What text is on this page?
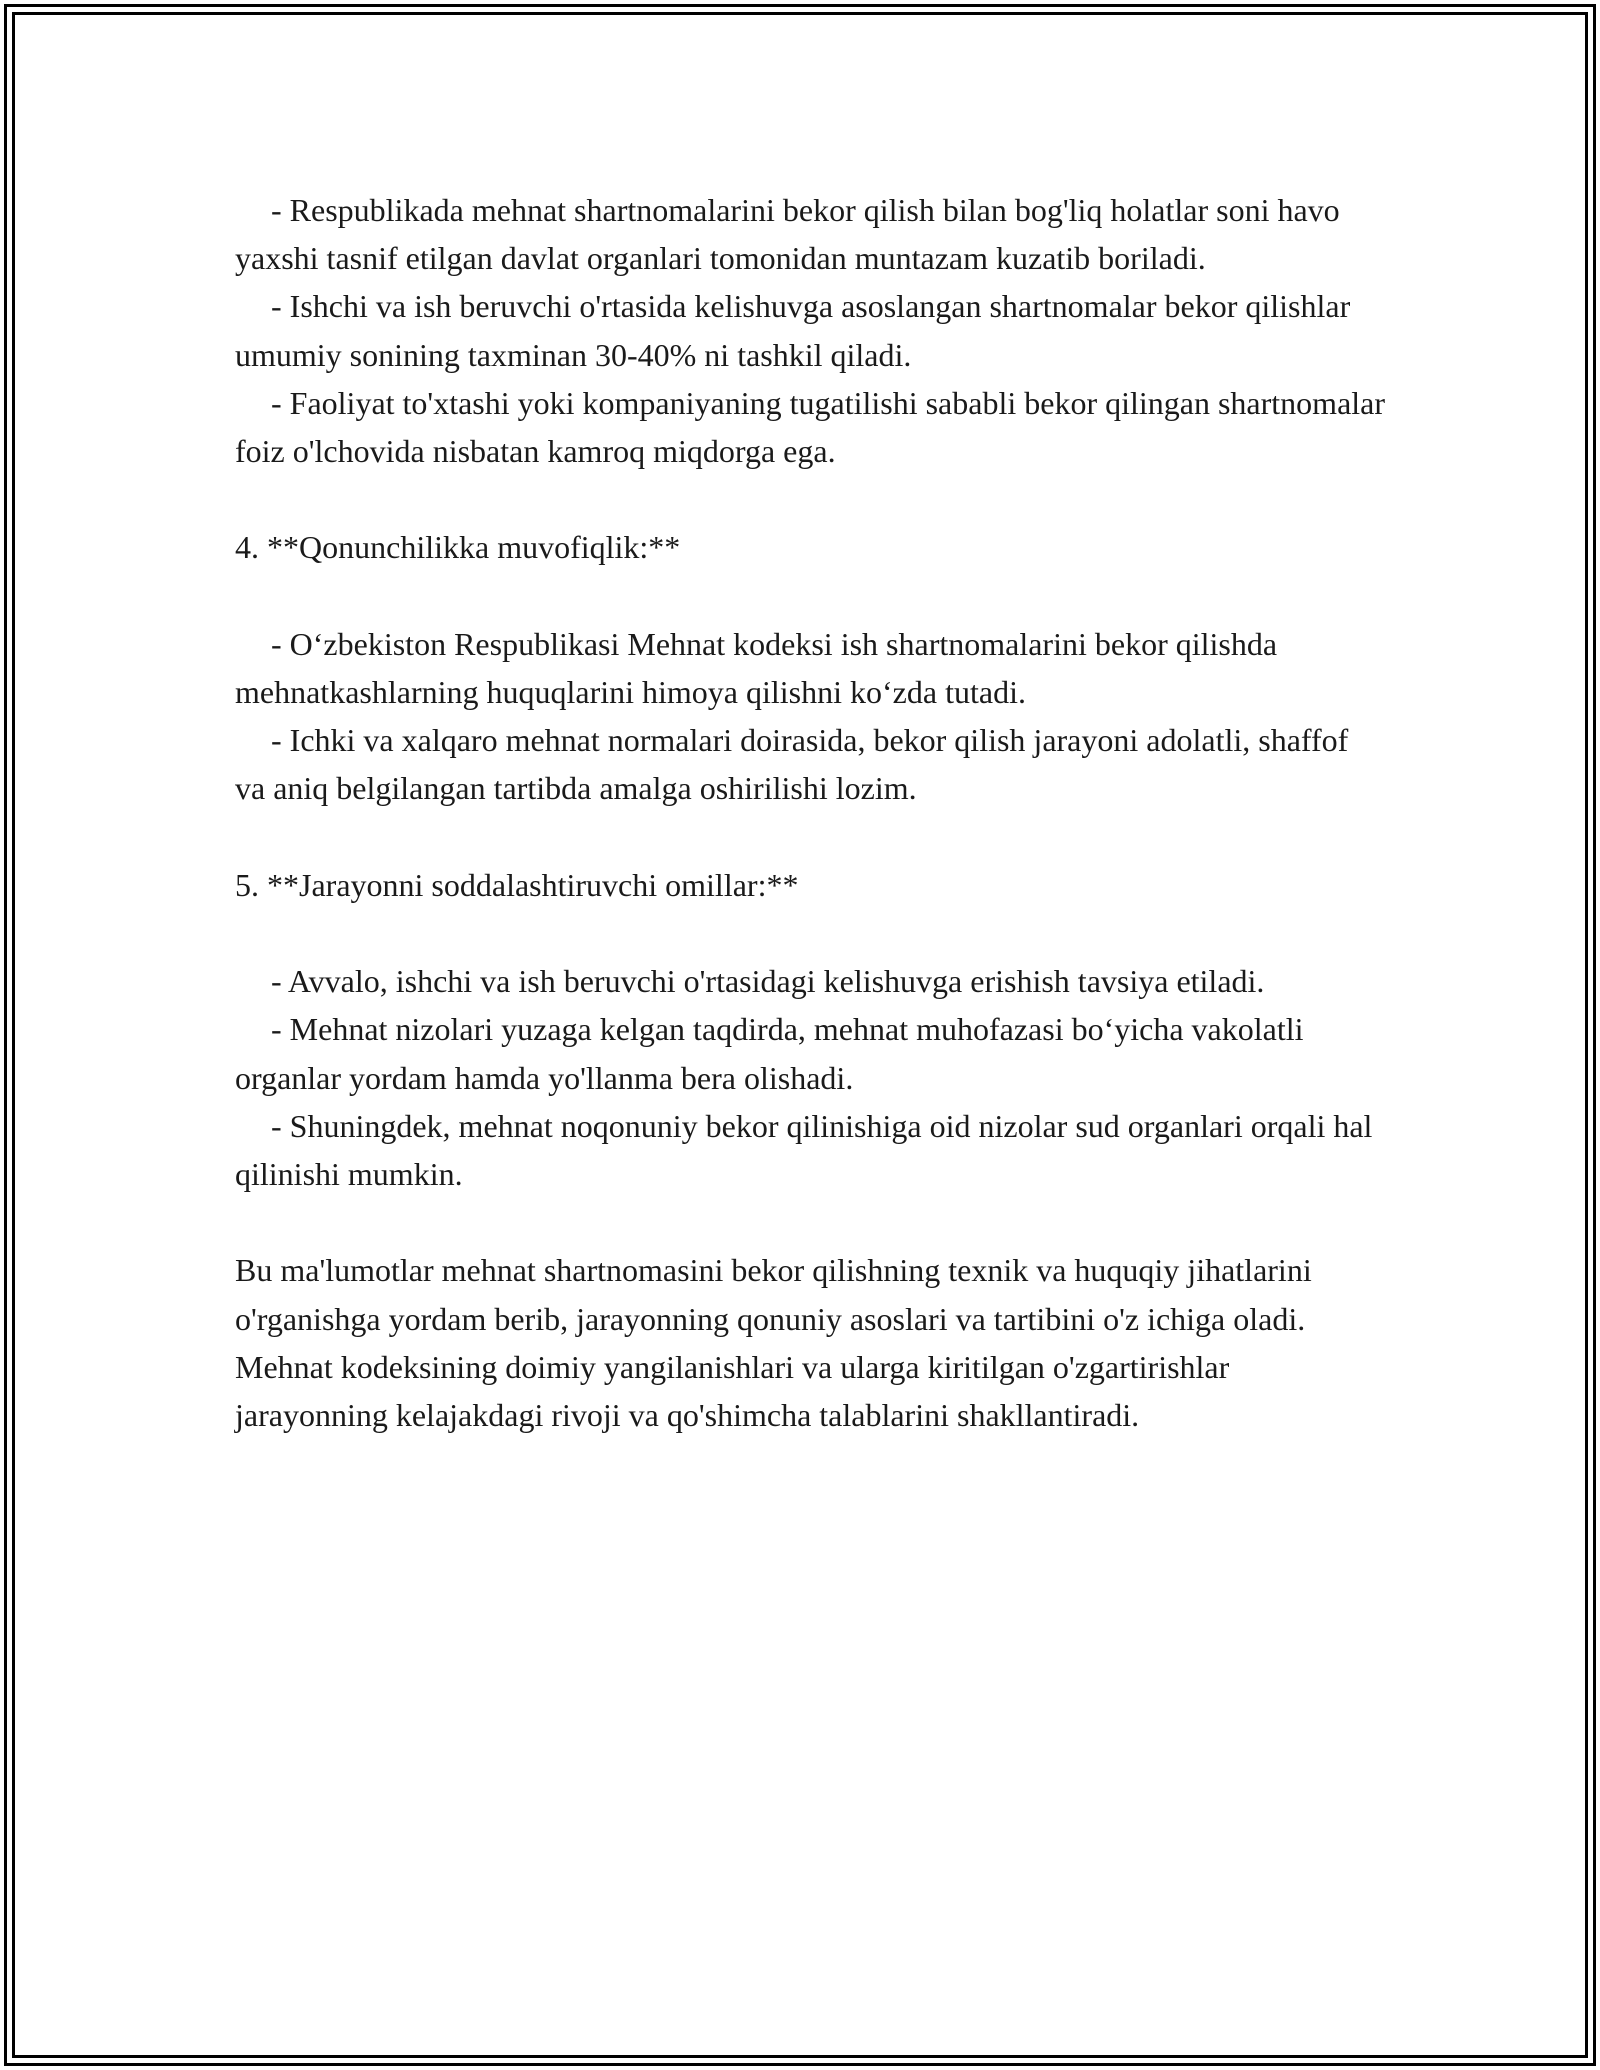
- Respublikada mehnat shartnomalarini bekor qilish bilan bog'liq holatlar soni havo yaxshi tasnif etilgan davlat organlari tomonidan muntazam kuzatib boriladi.

- Ishchi va ish beruvchi o'rtasida kelishuvga asoslangan shartnomalar bekor qilishlar umumiy sonining taxminan 30-40% ni tashkil qiladi.

- Faoliyat to'xtashi yoki kompaniyaning tugatilishi sababli bekor qilingan shartnomalar foiz o'lchovida nisbatan kamroq miqdorga ega.

4. **Qonunchilikka muvofiqlik:**

- O‘zbekiston Respublikasi Mehnat kodeksi ish shartnomalarini bekor qilishda mehnatkashlarning huquqlarini himoya qilishni ko‘zda tutadi.

- Ichki va xalqaro mehnat normalari doirasida, bekor qilish jarayoni adolatli, shaffof va aniq belgilangan tartibda amalga oshirilishi lozim.

5. **Jarayonni soddalashtiruvchi omillar:**

- Avvalo, ishchi va ish beruvchi o'rtasidagi kelishuvga erishish tavsiya etiladi.

- Mehnat nizolari yuzaga kelgan taqdirda, mehnat muhofazasi bo‘yicha vakolatli organlar yordam hamda yo'llanma bera olishadi.

- Shuningdek, mehnat noqonuniy bekor qilinishiga oid nizolar sud organlari orqali hal qilinishi mumkin.

Bu ma'lumotlar mehnat shartnomasini bekor qilishning texnik va huquqiy jihatlarini o'rganishga yordam berib, jarayonning qonuniy asoslari va tartibini o'z ichiga oladi. Mehnat kodeksining doimiy yangilanishlari va ularga kiritilgan o'zgartirishlar jarayonning kelajakdagi rivoji va qo'shimcha talablarini shakllantiradi.
